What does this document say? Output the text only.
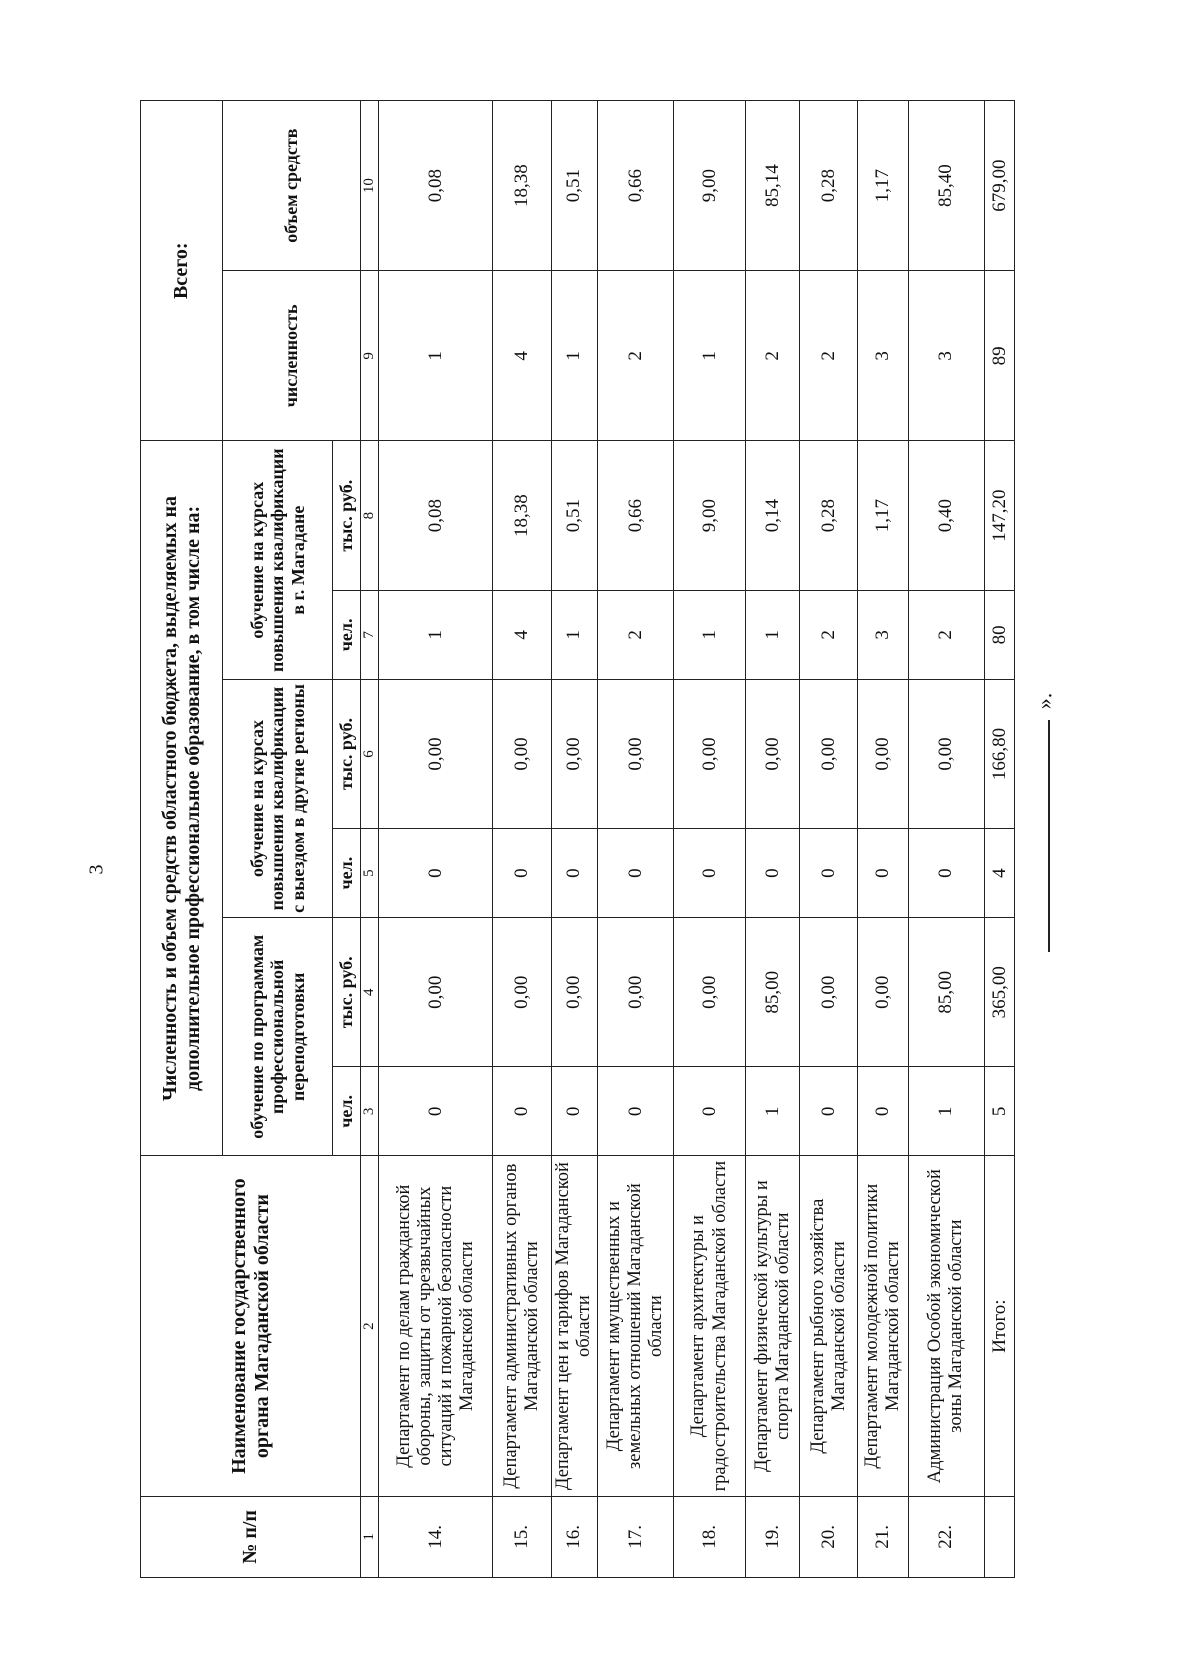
3
№ п/п	Наименование государственного органа Магаданской области	Численность и объем средств областного бюджета, выделяемых на дополнительное профессиональное образование, в том числе на:						Всего:	
		обучение по программам профессиональной переподготовки		обучение на курсах повышения квалификации с выездом в другие регионы		обучение на курсах повышения квалификации в г. Магадане		численность	объем средств
		чел.	тыс. руб.	чел.	тыс. руб.	чел.	тыс. руб.		

1	2	3	4	5	6	7	8	9	10
14.	Департамент по делам гражданской обороны, защиты от чрезвычайных ситуаций и пожарной безопасности Магаданской области	0	0,00	0	0,00	1	0,08	1	0,08
15.	Департамент административных органов Магаданской области	0	0,00	0	0,00	4	18,38	4	18,38
16.	Департамент цен и тарифов Магаданской области	0	0,00	0	0,00	1	0,51	1	0,51
17.	Департамент имущественных и земельных отношений Магаданской области	0	0,00	0	0,00	2	0,66	2	0,66
18.	Департамент архитектуры и градостроительства Магаданской области	0	0,00	0	0,00	1	9,00	1	9,00
19.	Департамент физической культуры и спорта Магаданской области	1	85,00	0	0,00	1	0,14	2	85,14
20.	Департамент рыбного хозяйства Магаданской области	0	0,00	0	0,00	2	0,28	2	0,28
21.	Департамент молодежной политики Магаданской области	0	0,00	0	0,00	3	1,17	3	1,17
22.	Администрация Особой экономической зоны Магаданской области	1	85,00	0	0,00	2	0,40	3	85,40
	Итого:	5	365,00	4	166,80	80	147,20	89	679,00
».
